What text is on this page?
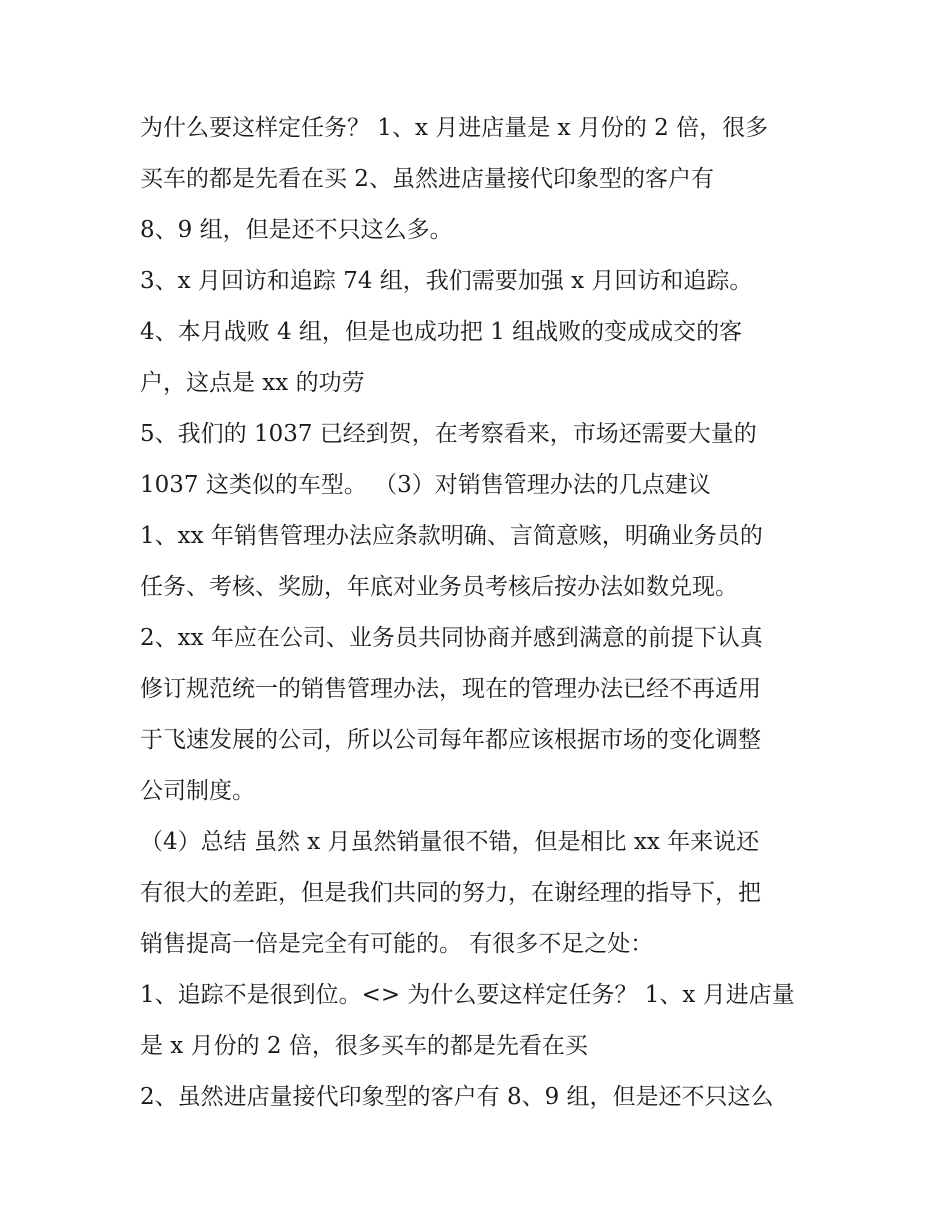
为什么要这样定任务？ 1、x 月进店量是 x 月份的 2 倍，很多
买车的都是先看在买 2、虽然进店量接代印象型的客户有
8、9 组，但是还不只这么多。
3、x 月回访和追踪 74 组，我们需要加强 x 月回访和追踪。
4、本月战败 4 组，但是也成功把 1 组战败的变成成交的客
户，这点是 xx 的功劳
5、我们的 1037 已经到贺，在考察看来，市场还需要大量的
1037 这类似的车型。 （3）对销售管理办法的几点建议
1、xx 年销售管理办法应条款明确、言简意赅，明确业务员的
任务、考核、奖励，年底对业务员考核后按办法如数兑现。
2、xx 年应在公司、业务员共同协商并感到满意的前提下认真
修订规范统一的销售管理办法，现在的管理办法已经不再适用
于飞速发展的公司，所以公司每年都应该根据市场的变化调整
公司制度。
（4）总结 虽然 x 月虽然销量很不错，但是相比 xx 年来说还
有很大的差距，但是我们共同的努力，在谢经理的指导下，把
销售提高一倍是完全有可能的。 有很多不足之处：
1、追踪不是很到位。<> 为什么要这样定任务？ 1、x 月进店量
是 x 月份的 2 倍，很多买车的都是先看在买
2、虽然进店量接代印象型的客户有 8、9 组，但是还不只这么
